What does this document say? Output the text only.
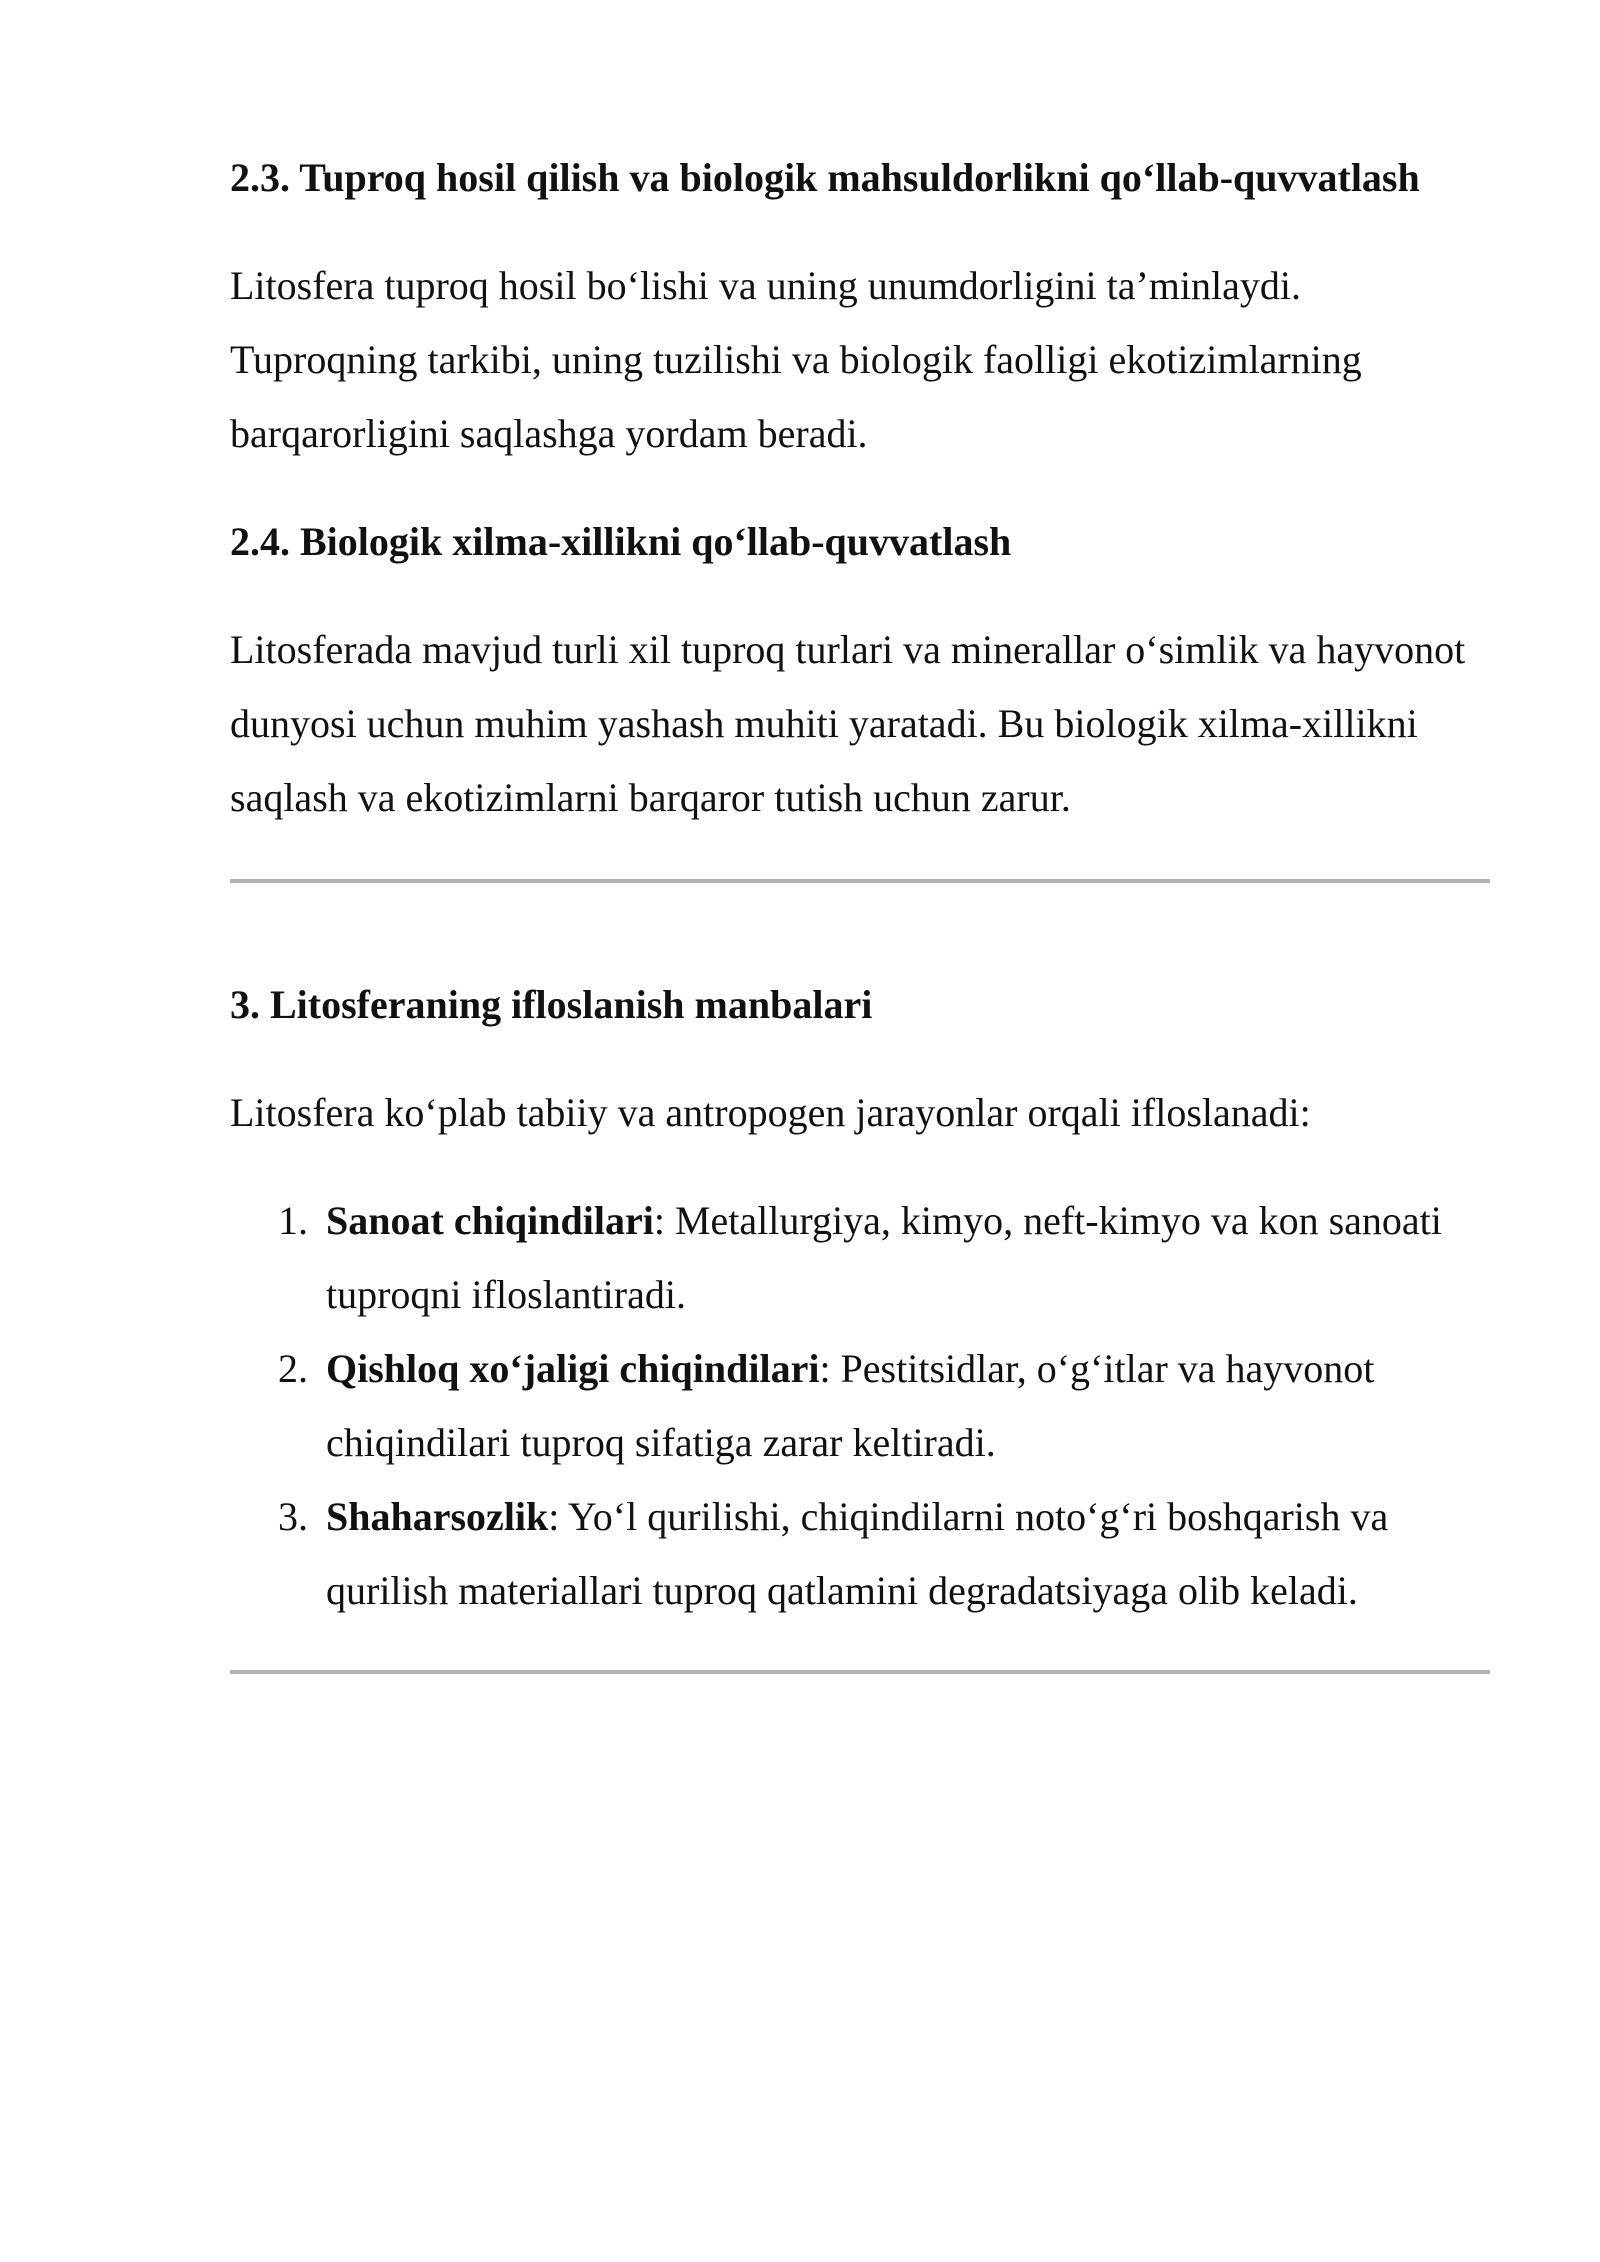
2.3. Tuproq hosil qilish va biologik mahsuldorlikni qo‘llab-quvvatlash

Litosfera tuproq hosil bo‘lishi va uning unumdorligini ta’minlaydi. Tuproqning tarkibi, uning tuzilishi va biologik faolligi ekotizimlarning barqarorligini saqlashga yordam beradi.

2.4. Biologik xilma-xillikni qo‘llab-quvvatlash

Litosferada mavjud turli xil tuproq turlari va minerallar o‘simlik va hayvonot dunyosi uchun muhim yashash muhiti yaratadi. Bu biologik xilma-xillikni saqlash va ekotizimlarni barqaror tutish uchun zarur.

3. Litosferaning ifloslanish manbalari

Litosfera ko‘plab tabiiy va antropogen jarayonlar orqali ifloslanadi:

1. Sanoat chiqindilari: Metallurgiya, kimyo, neft-kimyo va kon sanoati tuproqni ifloslantiradi.
2. Qishloq xo‘jaligi chiqindilari: Pestitsidlar, o‘g‘itlar va hayvonot chiqindilari tuproq sifatiga zarar keltiradi.
3. Shaharsozlik: Yo‘l qurilishi, chiqindilarni noto‘g‘ri boshqarish va qurilish materiallari tuproq qatlamini degradatsiyaga olib keladi.
